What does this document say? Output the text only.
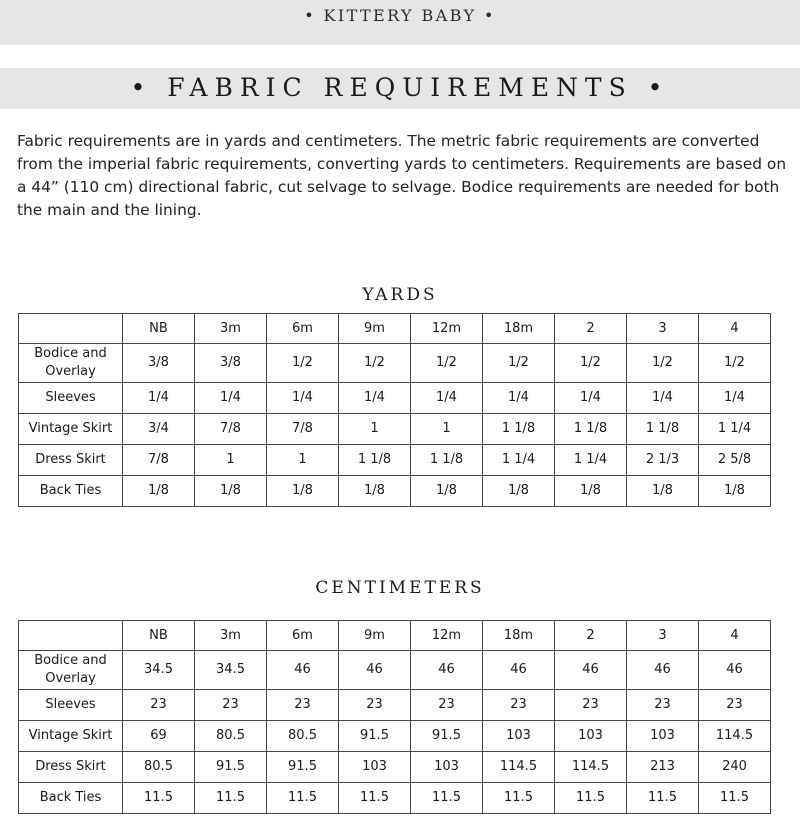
• KITTERY BABY •
• FABRIC REQUIREMENTS •

Fabric requirements are in yards and centimeters. The metric fabric requirements are converted from the imperial fabric requirements, converting yards to centimeters. Requirements are based on a 44” (110 cm) directional fabric, cut selvage to selvage. Bodice requirements are needed for both the main and the lining.

YARDS
	NB	3m	6m	9m	12m	18m	2	3	4
Bodice and Overlay	3/8	3/8	1/2	1/2	1/2	1/2	1/2	1/2	1/2
Sleeves	1/4	1/4	1/4	1/4	1/4	1/4	1/4	1/4	1/4
Vintage Skirt	3/4	7/8	7/8	1	1	1 1/8	1 1/8	1 1/8	1 1/4
Dress Skirt	7/8	1	1	1 1/8	1 1/8	1 1/4	1 1/4	2 1/3	2 5/8
Back Ties	1/8	1/8	1/8	1/8	1/8	1/8	1/8	1/8	1/8
CENTIMETERS
	NB	3m	6m	9m	12m	18m	2	3	4
Bodice and Overlay	34.5	34.5	46	46	46	46	46	46	46
Sleeves	23	23	23	23	23	23	23	23	23
Vintage Skirt	69	80.5	80.5	91.5	91.5	103	103	103	114.5
Dress Skirt	80.5	91.5	91.5	103	103	114.5	114.5	213	240
Back Ties	11.5	11.5	11.5	11.5	11.5	11.5	11.5	11.5	11.5
